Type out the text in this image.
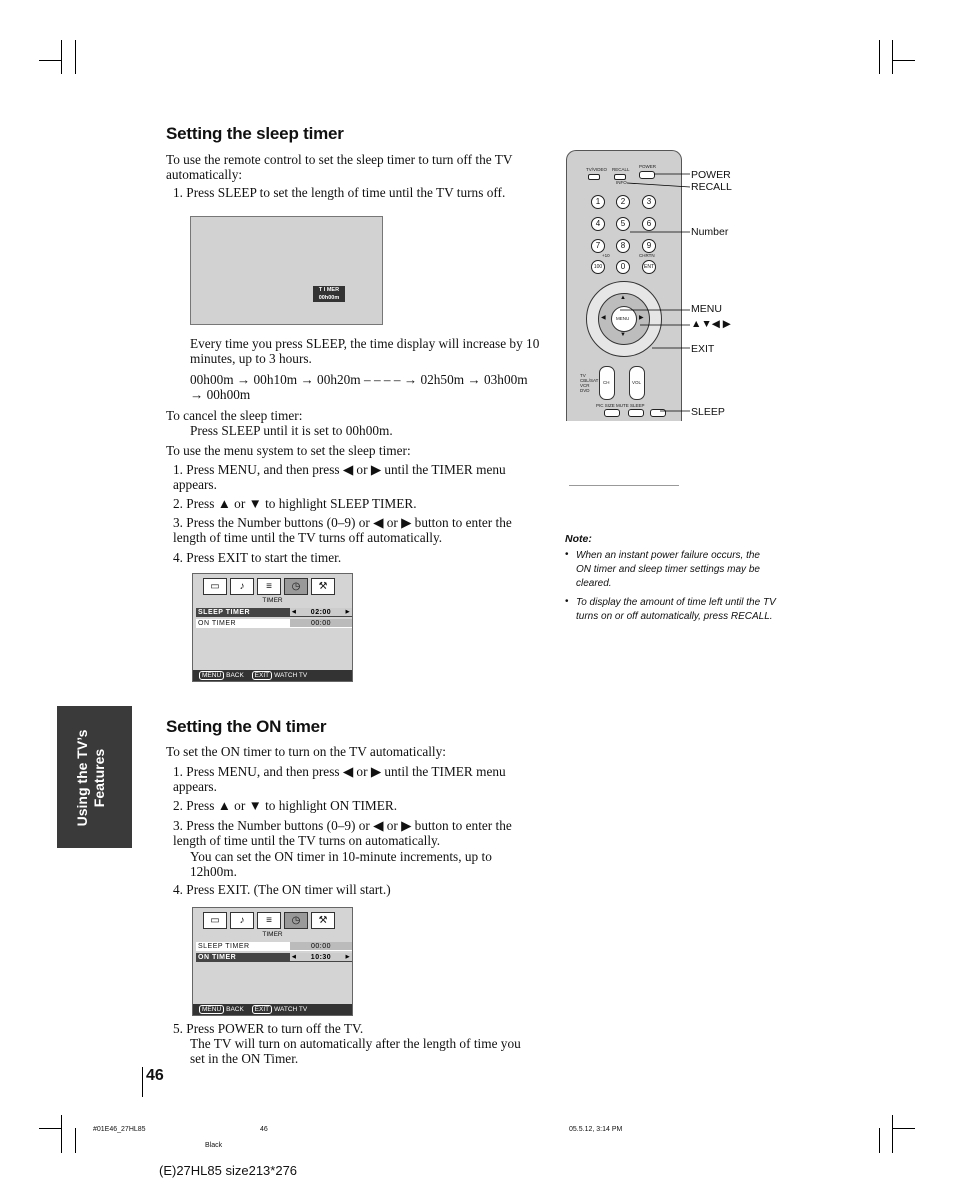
Setting the sleep timer
To use the remote control to set the sleep timer to turn off the TV automatically:
1. Press SLEEP to set the length of time until the TV turns off.
T I MER
00h00m
Every time you press SLEEP, the time display will increase by 10 minutes, up to 3 hours.
00h00m → 00h10m → 00h20m – – – – → 02h50m → 03h00m → 00h00m
To cancel the sleep timer:
Press SLEEP until it is set to 00h00m.
To use the menu system to set the sleep timer:
1. Press MENU, and then press ◀ or ▶ until the TIMER menu appears.
2. Press ▲ or ▼ to highlight SLEEP TIMER.
3. Press the Number buttons (0–9) or ◀ or ▶ button to enter the length of time until the TV turns off automatically.
4. Press EXIT to start the timer.
▭	♪	≡	◷	⚒
TIMER
SLEEP TIMER	◀ 02:00	▶
ON TIMER	00:00
MENU BACK EXIT WATCH TV
Setting the ON timer
To set the ON timer to turn on the TV automatically:
1. Press MENU, and then press ◀ or ▶ until the TIMER menu appears.
2. Press ▲ or ▼ to highlight ON TIMER.
3. Press the Number buttons (0–9) or ◀ or ▶ button to enter the length of time until the TV turns on automatically.
You can set the ON timer in 10-minute increments, up to 12h00m.
4. Press EXIT. (The ON timer will start.)
▭	♪	≡	◷	⚒
TIMER
SLEEP TIMER	00:00
ON TIMER	◀ 10:30	▶
MENU BACK EXIT WATCH TV
5. Press POWER to turn off the TV.
The TV will turn on automatically after the length of time you set in the ON Timer.
TV/VIDEO RECALL
POWER
INFO
1	2	3
4	5	6
7	8	9
+10	CHRTN
100	0	ENT
MENU
▲
▼
◀	▶
CH	VOL
TV
CBL/SAT
VCR
DVD
PIC SIZE MUTE SLEEP
POWER
RECALL
Number
MENU
▲▼◀ ▶
EXIT
SLEEP
Note:
• When an instant power failure occurs, the ON timer and sleep timer settings may be cleared.
• To display the amount of time left until the TV turns on or off automatically, press RECALL.
Using the TV’s Features
46
#01E46_27HL85	46	05.5.12, 3:14 PM
Black
(E)27HL85 size213*276
